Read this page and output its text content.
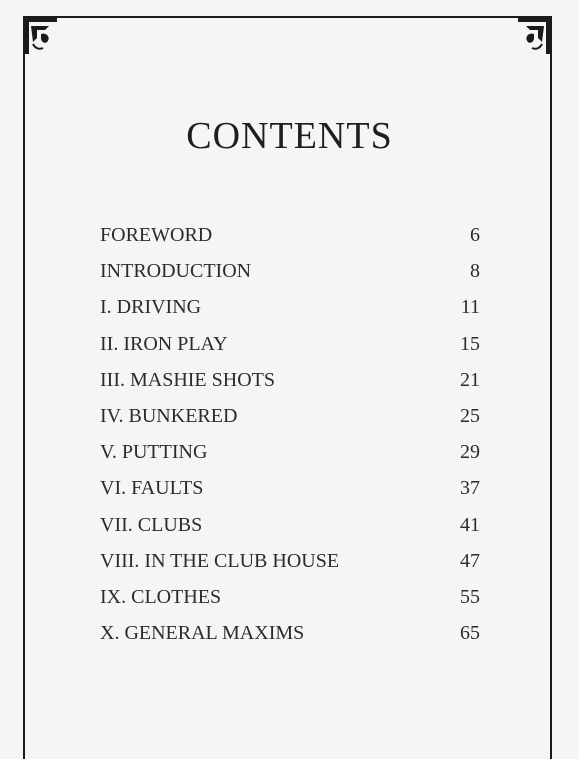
CONTENTS
FOREWORD	6
INTRODUCTION	8
I. DRIVING	11
II. IRON PLAY	15
III. MASHIE SHOTS	21
IV. BUNKERED	25
V. PUTTING	29
VI. FAULTS	37
VII. CLUBS	41
VIII. IN THE CLUB HOUSE	47
IX. CLOTHES	55
X. GENERAL MAXIMS	65
